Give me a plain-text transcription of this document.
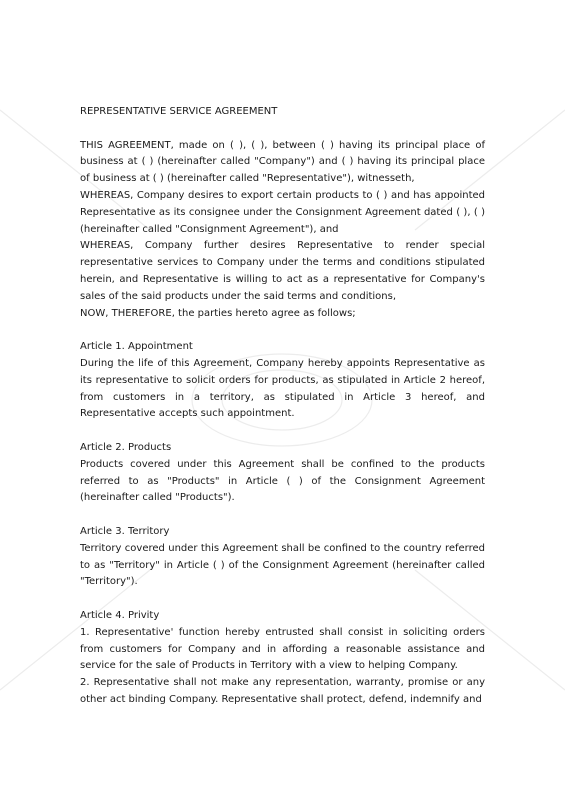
REPRESENTATIVE SERVICE AGREEMENT

THIS AGREEMENT, made on ( ), ( ), between ( ) having its principal place of business at ( ) (hereinafter called "Company") and ( ) having its principal place of business at ( ) (hereinafter called "Representative"), witnesseth,

WHEREAS, Company desires to export certain products to ( ) and has appointed Representative as its consignee under the Consignment Agreement dated ( ), ( ) (hereinafter called "Consignment Agreement"), and

WHEREAS, Company further desires Representative to render special representative services to Company under the terms and conditions stipulated herein, and Representative is willing to act as a representative for Company's sales of the said products under the said terms and conditions,

NOW, THEREFORE, the parties hereto agree as follows;

Article 1. Appointment

During the life of this Agreement, Company hereby appoints Representative as its representative to solicit orders for products, as stipulated in Article 2 hereof, from customers in a territory, as stipulated in Article 3 hereof, and Representative accepts such appointment.

Article 2. Products

Products covered under this Agreement shall be confined to the products referred to as "Products" in Article ( ) of the Consignment Agreement (hereinafter called "Products").

Article 3. Territory

Territory covered under this Agreement shall be confined to the country referred to as "Territory" in Article ( ) of the Consignment Agreement (hereinafter called "Territory").

Article 4. Privity

1. Representative' function hereby entrusted shall consist in soliciting orders from customers for Company and in affording a reasonable assistance and service for the sale of Products in Territory with a view to helping Company.

2. Representative shall not make any representation, warranty, promise or any other act binding Company. Representative shall protect, defend, indemnify and
